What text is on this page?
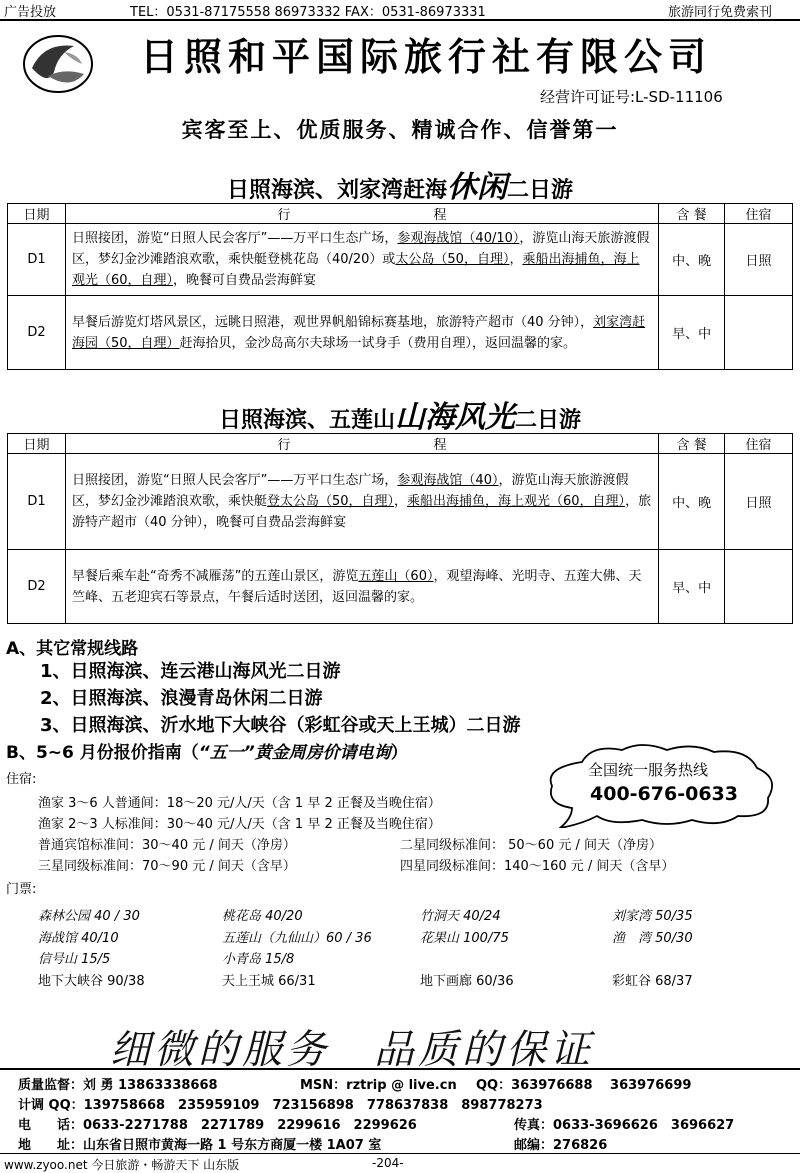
广告投放	TEL：0531-87175558 86973332 FAX：0531-86973331	旅游同行免费索刊
日照和平国际旅行社有限公司
经营许可证号:L-SD-11106
宾客至上、优质服务、精诚合作、信誉第一
日照海滨、刘家湾赶海休闲二日游
日期	行　　　　　　　　　　　程	含 餐	住宿
D1	日照接团，游览“日照人民会客厅”——万平口生态广场，参观海战馆（40/10），游览山海天旅游渡假区，梦幻金沙滩踏浪欢歌，乘快艇登桃花岛（40/20）或太公岛（50，自理），乘船出海捕鱼，海上观光（60，自理），晚餐可自费品尝海鲜宴	中、晚	日照
D2	早餐后游览灯塔风景区，远眺日照港，观世界帆船锦标赛基地，旅游特产超市（40 分钟），刘家湾赶海园（50，自理）赶海拾贝，金沙岛高尔夫球场一试身手（费用自理），返回温馨的家。	早、中	
日照海滨、五莲山山海风光二日游
日期	行　　　　　　　　　　　程	含 餐	住宿
D1	日照接团，游览“日照人民会客厅”——万平口生态广场，参观海战馆（40），游览山海天旅游渡假区，梦幻金沙滩踏浪欢歌，乘快艇登太公岛（50，自理），乘船出海捕鱼，海上观光（60，自理），旅游特产超市（40 分钟），晚餐可自费品尝海鲜宴	中、晚	日照
D2	早餐后乘车赴“奇秀不减雁荡”的五莲山景区，游览五莲山（60），观望海峰、光明寺、五莲大佛、天竺峰、五老迎宾石等景点，午餐后适时送团，返回温馨的家。	早、中	
A、其它常规线路
1、日照海滨、连云港山海风光二日游
2、日照海滨、浪漫青岛休闲二日游
3、日照海滨、沂水地下大峡谷（彩虹谷或天上王城）二日游
B、5~6 月份报价指南（“五一”黄金周房价请电询）
全国统一服务热线
400-676-0633
住宿:
渔家 3～6 人普通间：18～20 元/人/天（含 1 早 2 正餐及当晚住宿）
渔家 2～3 人标准间：30～40 元/人/天（含 1 早 2 正餐及当晚住宿）
普通宾馆标准间：30～40 元 / 间天（净房）	二星同级标准间： 50～60 元 / 间天（净房）
三星同级标准间：70～90 元 / 间天（含早）	四星同级标准间：140～160 元 / 间天（含早）
门票:
森林公园 40 / 30	桃花岛 40/20	竹洞天 40/24	刘家湾 50/35
海战馆 40/10	五莲山（九仙山）60 / 36	花果山 100/75	渔　湾 50/30
信号山 15/5	小青岛 15/8
地下大峡谷 90/38	天上王城 66/31	地下画廊 60/36	彩虹谷 68/37
细微的服务　品质的保证
质量监督：刘 勇 13863338668	MSN：rztrip @ live.cn QQ：363976688　 363976699
计调 QQ：139758668　235959109　723156898　778637838　898778273
电　　话：0633-2271788　2271789　2299616　2299626	传真：0633-3696626　3696627
地　　址：山东省日照市黄海一路 1 号东方商厦一楼 1A07 室	邮编：276826
www.zyoo.net 今日旅游・畅游天下 山东版	-204-
